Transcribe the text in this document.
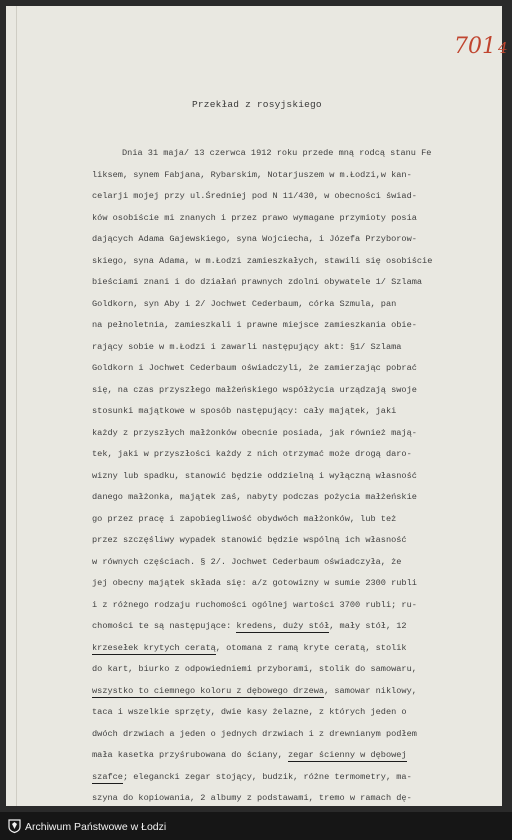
701 4
Przekład z rosyjskiego
Dnia 31 maja/ 13 czerwca 1912 roku przede mną rodcą stanu Fe
liksem, synem Fabjana, Rybarskim, Notarjuszem w m.Łodzi,w kan-
celarji mojej przy ul.Średniej pod N 11/430, w obecności świad-
ków osobiście mi znanych i przez prawo wymagane przymioty posia
dających Adama Gajewskiego, syna Wojciecha, i Józefa Przyborow-
skiego, syna Adama, w m.Łodzi zamieszkałych, stawili się osobiście
bieściami znani i do działań prawnych zdolni obywatele 1/ Szlama
Goldkorn, syn Aby i 2/ Jochwet Cederbaum, córka Szmula, pan
na pełnoletnia, zamieszkali i prawne miejsce zamieszkania obie-
rający sobie w m.Łodzi i zawarli następujący akt: §1/ Szlama
Goldkorn i Jochwet Cederbaum oświadczyli, że zamierzając pobrać
się, na czas przyszłego małżeńskiego współżycia urządzają swoje
stosunki majątkowe w sposób następujący: cały majątek, jaki
każdy z przyszłych małżonków obecnie posiada, jak również mają-
tek, jaki w przyszłości każdy z nich otrzymać może drogą daro-
wizny lub spadku, stanowić będzie oddzielną i wyłączną własność
danego małżonka, majątek zaś, nabyty podczas pożycia małżeńskie
go przez pracę i zapobiegliwość obydwóch małżonków, lub też
przez szczęśliwy wypadek stanowić będzie wspólną ich własność
w równych częściach. § 2/. Jochwet Cederbaum oświadczyła, że
jej obecny majątek składa się: a/z gotowizny w sumie 2300 rubli
i z różnego rodzaju ruchomości ogólnej wartości 3700 rubli; ru-
chomości te są następujące: kredens, duży stół, mały stół, 12
krzesełek krytych ceratą, otomana z ramą kryte ceratą, stolik
do kart, biurko z odpowiedniemi przyborami, stolik do samowaru,
wszystko to ciemnego koloru z dębowego drzewa, samowar niklowy,
taca i wszelkie sprzęty, dwie kasy żelazne, z których jeden o
dwóch drzwiach a jeden o jednych drzwiach i z drewnianym podłem
mała kasetka przyśrubowana do ściany, zegar ścienny w dębowej
szafce; elegancki zegar stojący, budzik, różne termometry, ma-
szyna do kopiowania, 2 albumy z podstawami, tremo w ramach dę-
Archiwum Państwowe w Łodzi
